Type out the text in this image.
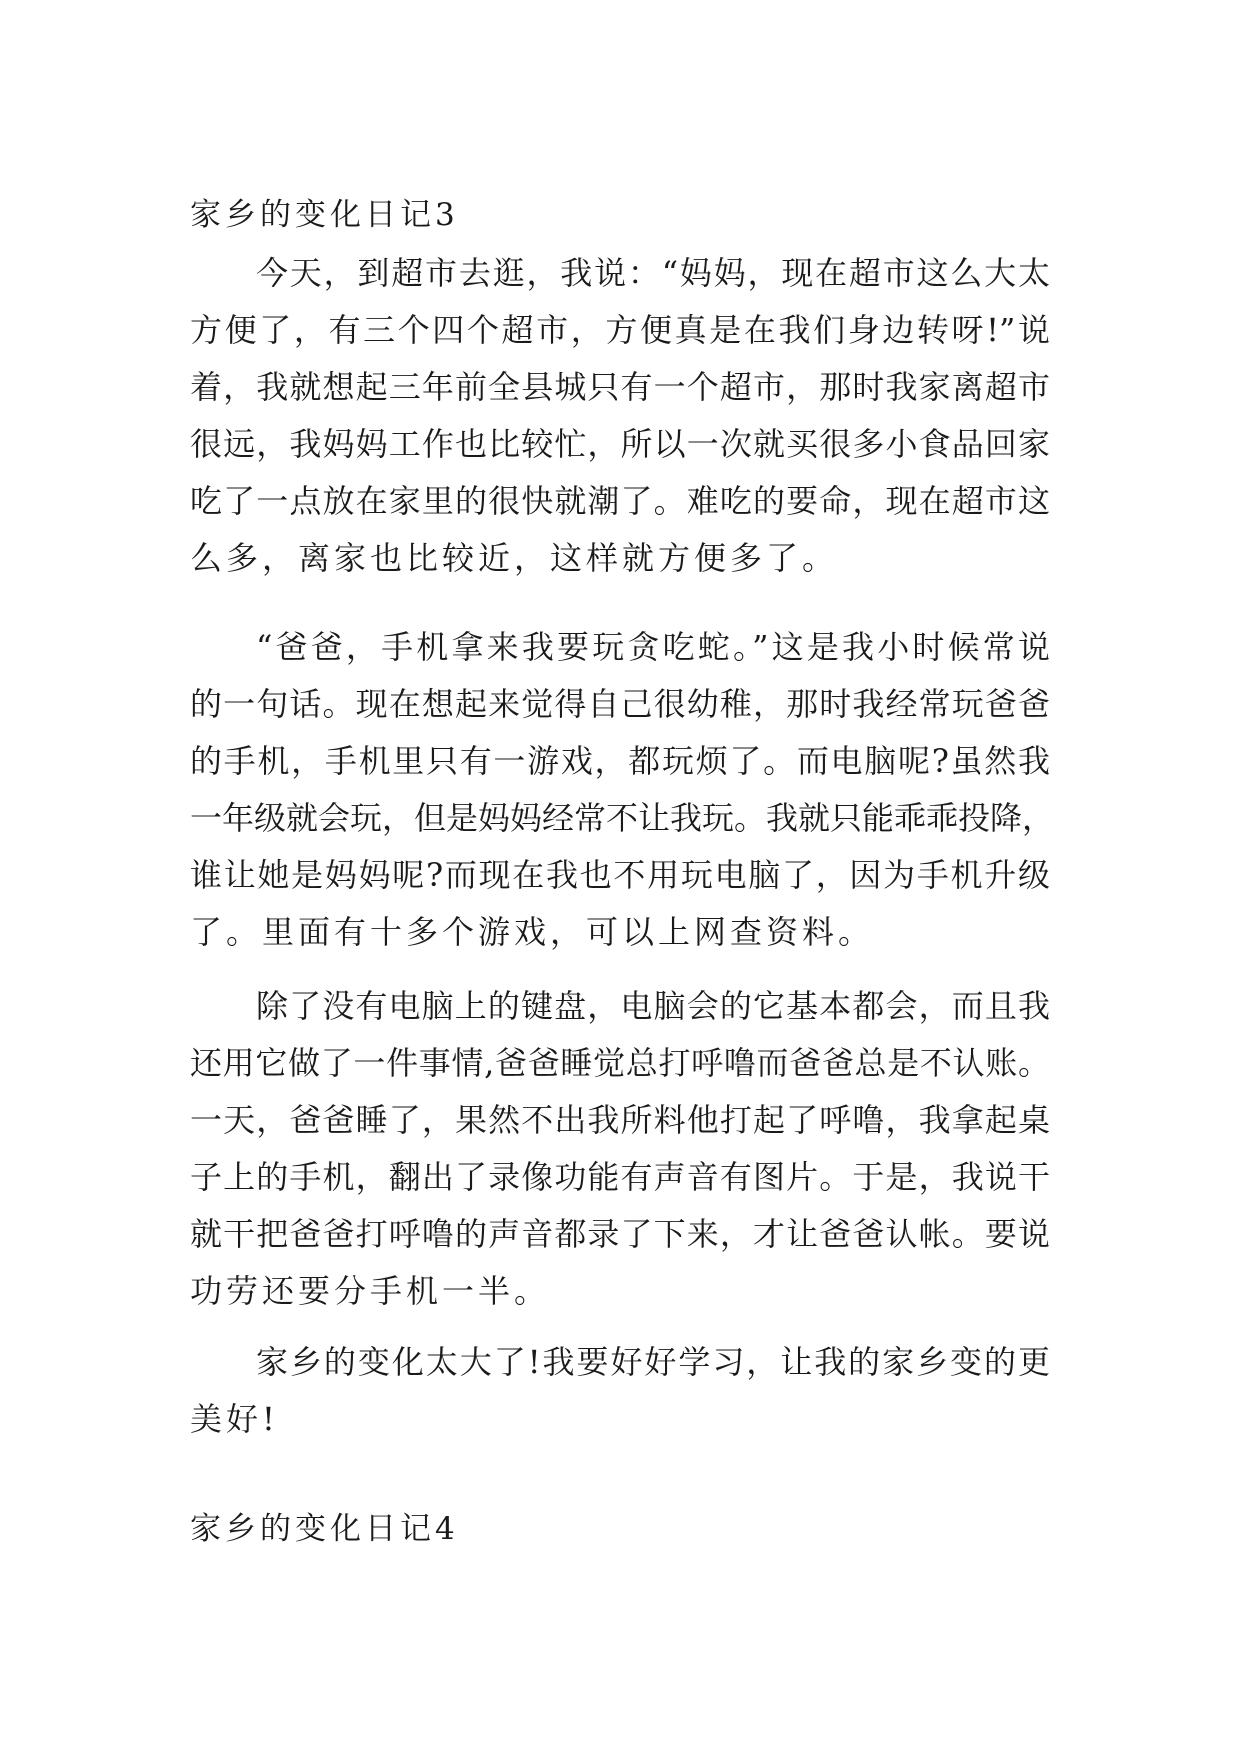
家乡的变化日记3
今天，到超市去逛，我说：“妈妈，现在超市这么大太
方便了，有三个四个超市，方便真是在我们身边转呀!”说
着，我就想起三年前全县城只有一个超市，那时我家离超市
很远，我妈妈工作也比较忙，所以一次就买很多小食品回家
吃了一点放在家里的很快就潮了。难吃的要命，现在超市这
么多，离家也比较近，这样就方便多了。
“爸爸，手机拿来我要玩贪吃蛇。”这是我小时候常说
的一句话。现在想起来觉得自己很幼稚，那时我经常玩爸爸
的手机，手机里只有一游戏，都玩烦了。而电脑呢?虽然我
一年级就会玩，但是妈妈经常不让我玩。我就只能乖乖投降，
谁让她是妈妈呢?而现在我也不用玩电脑了，因为手机升级
了。里面有十多个游戏，可以上网查资料。
除了没有电脑上的键盘，电脑会的它基本都会，而且我
还用它做了一件事情,爸爸睡觉总打呼噜而爸爸总是不认账。
一天，爸爸睡了，果然不出我所料他打起了呼噜，我拿起桌
子上的手机，翻出了录像功能有声音有图片。于是，我说干
就干把爸爸打呼噜的声音都录了下来，才让爸爸认帐。要说
功劳还要分手机一半。
家乡的变化太大了!我要好好学习，让我的家乡变的更
美好!
家乡的变化日记4
